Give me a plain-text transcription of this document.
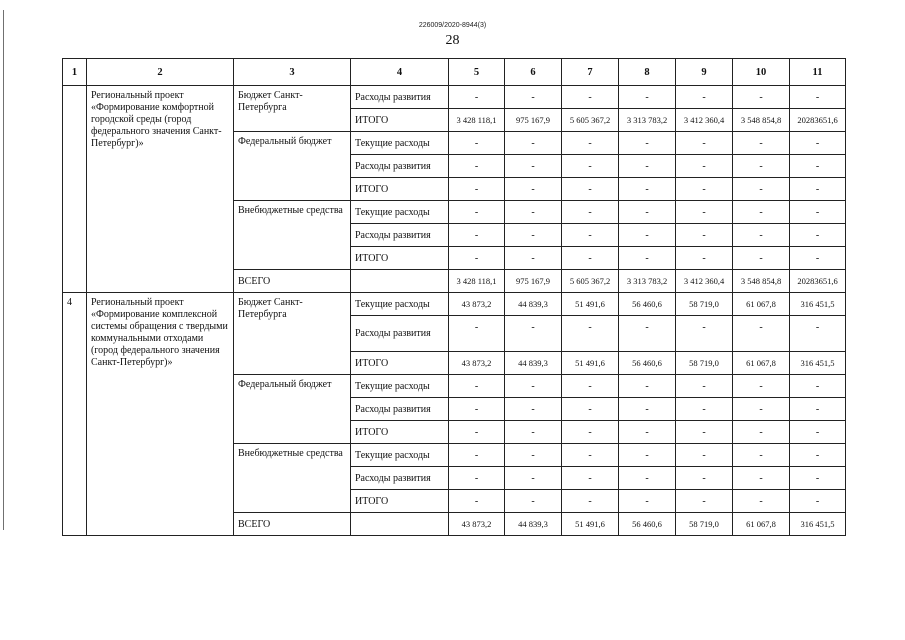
226009/2020-8944(3)
28
1	2	3	4	5	6	7	8	9	10	11
	Региональный проект «Формирование комфортной городской среды (город федерального значения Санкт-Петербург)»	Бюджет Санкт-Петербурга	Расходы развития	-	-	-	-	-	-	-
			ИТОГО	3 428 118,1	975 167,9	5 605 367,2	3 313 783,2	3 412 360,4	3 548 854,8	20283651,6
		Федеральный бюджет	Текущие расходы	-	-	-	-	-	-	-
			Расходы развития	-	-	-	-	-	-	-
			ИТОГО	-	-	-	-	-	-	-
		Внебюджетные средства	Текущие расходы	-	-	-	-	-	-	-
			Расходы развития	-	-	-	-	-	-	-
			ИТОГО	-	-	-	-	-	-	-
		ВСЕГО		3 428 118,1	975 167,9	5 605 367,2	3 313 783,2	3 412 360,4	3 548 854,8	20283651,6
4	Региональный проект «Формирование комплексной системы обращения с твердыми коммунальными отходами (город федерального значения Санкт-Петербург)»	Бюджет Санкт-Петербурга	Текущие расходы	43 873,2	44 839,3	51 491,6	56 460,6	58 719,0	61 067,8	316 451,5
			Расходы развития	-	-	-	-	-	-	-
			ИТОГО	43 873,2	44 839,3	51 491,6	56 460,6	58 719,0	61 067,8	316 451,5
		Федеральный бюджет	Текущие расходы	-	-	-	-	-	-	-
			Расходы развития	-	-	-	-	-	-	-
			ИТОГО	-	-	-	-	-	-	-
		Внебюджетные средства	Текущие расходы	-	-	-	-	-	-	-
			Расходы развития	-	-	-	-	-	-	-
			ИТОГО	-	-	-	-	-	-	-
		ВСЕГО		43 873,2	44 839,3	51 491,6	56 460,6	58 719,0	61 067,8	316 451,5
